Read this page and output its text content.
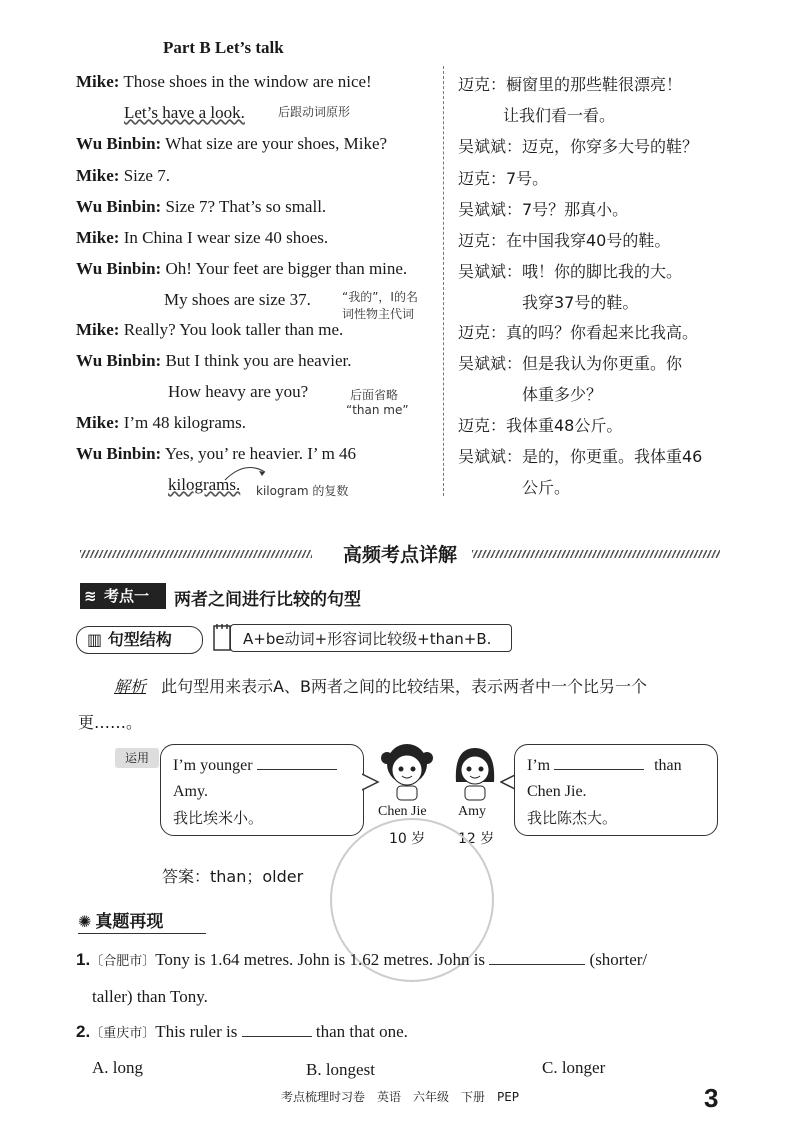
Part B Let’s talk
Mike: Those shoes in the window are nice!
Let’s have a look.
Wu Binbin: What size are your shoes, Mike?
Mike: Size 7.
Wu Binbin: Size 7? That’s so small.
Mike: In China I wear size 40 shoes.
Wu Binbin: Oh! Your feet are bigger than mine.
My shoes are size 37.
Mike: Really? You look taller than me.
Wu Binbin: But I think you are heavier.
How heavy are you?
Mike: I’m 48 kilograms.
Wu Binbin: Yes, you’ re heavier. I’ m 46
kilograms.
后跟动词原形
“我的”，I的名
词性物主代词
后面省略
“than me”
kilogram 的复数
迈克：橱窗里的那些鞋很漂亮！
让我们看一看。
吴斌斌：迈克，你穿多大号的鞋？
迈克：7号。
吴斌斌：7号？那真小。
迈克：在中国我穿40号的鞋。
吴斌斌：哦！你的脚比我的大。
我穿37号的鞋。
迈克：真的吗？你看起来比我高。
吴斌斌：但是我认为你更重。你
体重多少？
迈克：我体重48公斤。
吴斌斌：是的，你更重。我体重46
公斤。
高频考点详解
≋ 考点一	两者之间进行比较的句型
▥ 句型结构	A+be动词+形容词比较级+than+B.
解析 此句型用来表示A、B两者之间的比较结果，表示两者中一个比另一个
更……。
运用	I’m younger
Amy.
我比埃米小。	Chen Jie
10 岁
Amy
12 岁
I’m	than
Chen Jie.
我比陈杰大。
答案：than；older
✺ 真题再现
1.〔合肥市〕Tony is 1.64 metres. John is 1.62 metres. John is	(shorter/
taller) than Tony.
2.〔重庆市〕This ruler is	than that one.
A. long	B. longest	C. longer
考点梳理时习卷　英语　六年级　下册　PEP	3
